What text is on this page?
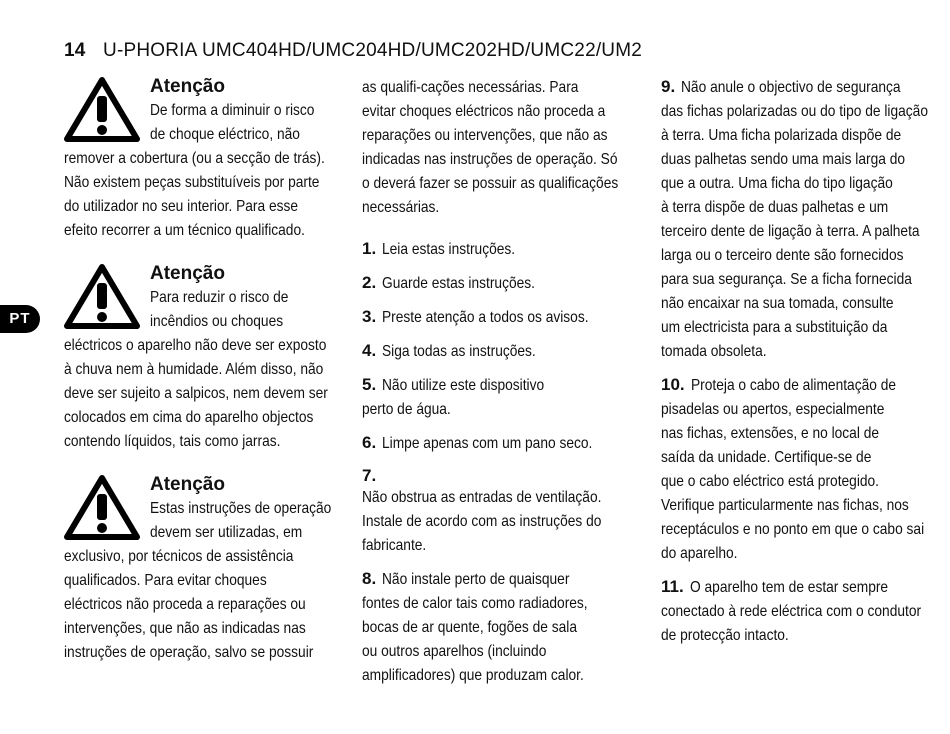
14 U-PHORIA UMC404HD/UMC204HD/UMC202HD/UMC22/UM2
PT
Atenção
De forma a diminuir o risco
de choque eléctrico, não
remover a cobertura (ou a secção de trás).
Não existem peças substituíveis por parte
do utilizador no seu interior. Para esse
efeito recorrer a um técnico qualificado.
Atenção
Para reduzir o risco de
incêndios ou choques
eléctricos o aparelho não deve ser exposto
à chuva nem à humidade. Além disso, não
deve ser sujeito a salpicos, nem devem ser
colocados em cima do aparelho objectos
contendo líquidos, tais como jarras.
Atenção
Estas instruções de operação
devem ser utilizadas, em
exclusivo, por técnicos de assistência
qualificados. Para evitar choques
eléctricos não proceda a reparações ou
intervenções, que não as indicadas nas
instruções de operação, salvo se possuir
as qualifi-cações necessárias. Para
evitar choques eléctricos não proceda a
reparações ou intervenções, que não as
indicadas nas instruções de operação. Só
o deverá fazer se possuir as qualificações
necessárias.
1. Leia estas instruções.
2. Guarde estas instruções.
3. Preste atenção a todos os avisos.
4. Siga todas as instruções.
5. Não utilize este dispositivo
perto de água.
6. Limpe apenas com um pano seco.
7.Não obstrua as entradas de ventilação.
Instale de acordo com as instruções do
fabricante.
8. Não instale perto de quaisquer
fontes de calor tais como radiadores,
bocas de ar quente, fogões de sala
ou outros aparelhos (incluindo
amplificadores) que produzam calor.
9. Não anule o objectivo de segurança
das fichas polarizadas ou do tipo de ligação
à terra. Uma ficha polarizada dispõe de
duas palhetas sendo uma mais larga do
que a outra. Uma ficha do tipo ligação
à terra dispõe de duas palhetas e um
terceiro dente de ligação à terra. A palheta
larga ou o terceiro dente são fornecidos
para sua segurança. Se a ficha fornecida
não encaixar na sua tomada, consulte
um electricista para a substituição da
tomada obsoleta.
10. Proteja o cabo de alimentação de
pisadelas ou apertos, especialmente
nas fichas, extensões, e no local de
saída da unidade. Certifique-se de
que o cabo eléctrico está protegido.
Verifique particularmente nas fichas, nos
receptáculos e no ponto em que o cabo sai
do aparelho.
11. O aparelho tem de estar sempre
conectado à rede eléctrica com o condutor
de protecção intacto.
